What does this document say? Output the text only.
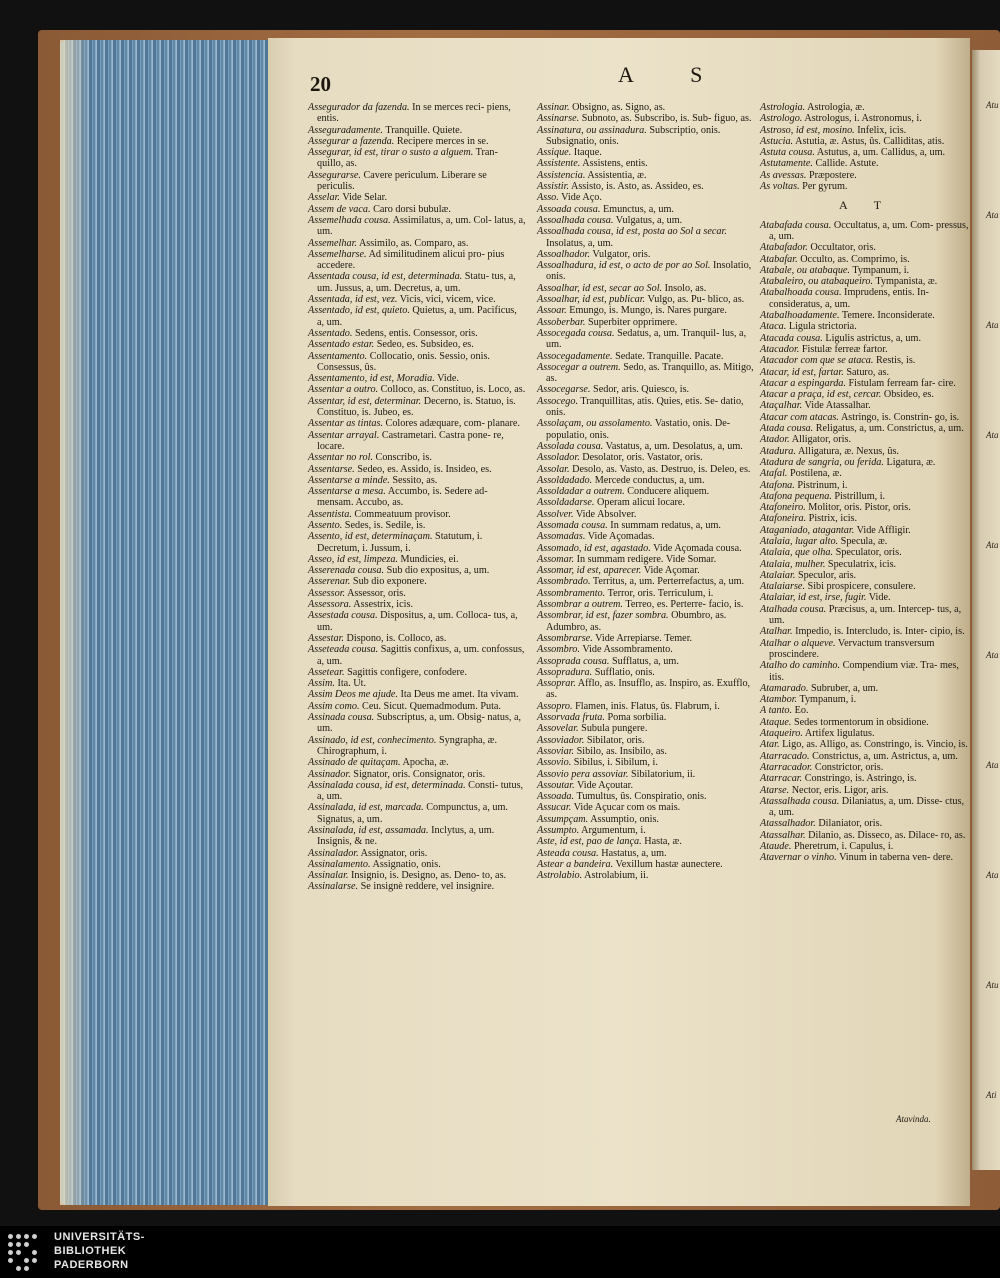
20	A S
Assegurador da fazenda. In se merces reci- piens, entis.
Asseguradamente. Tranquille. Quiete.
Assegurar a fazenda. Recipere merces in se.
Assegurar, id est, tirar o susto a alguem. Tran- quillo, as.
Assegurarse. Cavere periculum. Liberare se periculis.
Asselar. Vide Selar.
Assem de vaca. Caro dorsi bubulæ.
Assemelhada cousa. Assimilatus, a, um. Col- latus, a, um.
Assemelhar. Assimilo, as. Comparo, as.
Assemelharse. Ad similitudinem alicui pro- pius accedere.
Assentada cousa, id est, determinada. Statu- tus, a, um. Jussus, a, um. Decretus, a, um.
Assentada, id est, vez. Vicis, vici, vicem, vice.
Assentado, id est, quieto. Quietus, a, um. Pacificus, a, um.
Assentado. Sedens, entis. Consessor, oris.
Assentado estar. Sedeo, es. Subsideo, es.
Assentamento. Collocatio, onis. Sessio, onis. Consessus, ûs.
Assentamento, id est, Moradia. Vide.
Assentar a outro. Colloco, as. Constituo, is. Loco, as.
Assentar, id est, determinar. Decerno, is. Statuo, is. Constituo, is. Jubeo, es.
Assentar as tintas. Colores adæquare, com- planare.
Assentar arrayal. Castrametari. Castra pone- re, locare.
Assentar no rol. Conscribo, is.
Assentarse. Sedeo, es. Assido, is. Insideo, es.
Assentarse a minde. Sessito, as.
Assentarse a mesa. Accumbo, is. Sedere ad- mensam. Accubo, as.
Assentista. Commeatuum provisor.
Assento. Sedes, is. Sedile, is.
Assento, id est, determinaçam. Statutum, i. Decretum, i. Jussum, i.
Asseo, id est, limpeza. Mundicies, ei.
Asserenada cousa. Sub dio expositus, a, um.
Asserenar. Sub dio exponere.
Assessor. Assessor, oris.
Assessora. Assestrix, icis.
Assestada cousa. Dispositus, a, um. Colloca- tus, a, um.
Assestar. Dispono, is. Colloco, as.
Asseteada cousa. Sagittis confixus, a, um. confossus, a, um.
Assetear. Sagittis configere, confodere.
Assim. Ita. Ut.
Assim Deos me ajude. Ita Deus me amet. Ita vivam.
Assim como. Ceu. Sicut. Quemadmodum. Puta.
Assinada cousa. Subscriptus, a, um. Obsig- natus, a, um.
Assinado, id est, conhecimento. Syngrapha, æ. Chirographum, i.
Assinado de quitaçam. Apocha, æ.
Assinador. Signator, oris. Consignator, oris.
Assinalada cousa, id est, determinada. Consti- tutus, a, um.
Assinalada, id est, marcada. Compunctus, a, um. Signatus, a, um.
Assinalada, id est, assamada. Inclytus, a, um. Insignis, & ne.
Assinalador. Assignator, oris.
Assinalamento. Assignatio, onis.
Assinalar. Insignio, is. Designo, as. Deno- to, as.
Assinalarse. Se insignè reddere, vel insignire.
Assinar. Obsigno, as. Signo, as.
Assinarse. Subnoto, as. Subscribo, is. Sub- figuo, as.
Assinatura, ou assinadura. Subscriptio, onis. Subsignatio, onis.
Assique. Itaque.
Assistente. Assistens, entis.
Assistencia. Assistentia, æ.
Assistir. Assisto, is. Asto, as. Assideo, es.
Asso. Vide Aço.
Assoada cousa. Emunctus, a, um.
Assoalhada cousa. Vulgatus, a, um.
Assoalhada cousa, id est, posta ao Sol a secar. Insolatus, a, um.
Assoalhador. Vulgator, oris.
Assoalhadura, id est, o acto de por ao Sol. Insolatio, onis.
Assoalhar, id est, secar ao Sol. Insolo, as.
Assoalhar, id est, publicar. Vulgo, as. Pu- blico, as.
Assoar. Emungo, is. Mungo, is. Nares purgare.
Assoberbar. Superbiter opprimere.
Assocegada cousa. Sedatus, a, um. Tranquil- lus, a, um.
Assocegadamente. Sedate. Tranquille. Pacate.
Assocegar a outrem. Sedo, as. Tranquillo, as. Mitigo, as.
Assocegarse. Sedor, aris. Quiesco, is.
Assocego. Tranquillitas, atis. Quies, etis. Se- datio, onis.
Assolaçam, ou assolamento. Vastatio, onis. De- populatio, onis.
Assolada cousa. Vastatus, a, um. Desolatus, a, um.
Assolador. Desolator, oris. Vastator, oris.
Assolar. Desolo, as. Vasto, as. Destruo, is. Deleo, es.
Assoldadado. Mercede conductus, a, um.
Assoldadar a outrem. Conducere aliquem.
Assoldadarse. Operam alicui locare.
Assolver. Vide Absolver.
Assomada cousa. In summam redatus, a, um.
Assomadas. Vide Açomadas.
Assomado, id est, agastado. Vide Açomada cousa.
Assomar. In summam redigere. Vide Somar.
Assomar, id est, aparecer. Vide Açomar.
Assombrado. Territus, a, um. Perterrefactus, a, um.
Assombramento. Terror, oris. Terriculum, i.
Assombrar a outrem. Terreo, es. Perterre- facio, is.
Assombrar, id est, fazer sombra. Obumbro, as. Adumbro, as.
Assombrarse. Vide Arrepiarse. Temer.
Assombro. Vide Assombramento.
Assoprada cousa. Sufflatus, a, um.
Assopradura. Sufflatio, onis.
Assoprar. Afflo, as. Insufflo, as. Inspiro, as. Exufflo, as.
Assopro. Flamen, inis. Flatus, ûs. Flabrum, i.
Assorvada fruta. Poma sorbilia.
Assovelar. Subula pungere.
Assoviador. Sibilator, oris.
Assoviar. Sibilo, as. Insibilo, as.
Assovio. Sibilus, i. Sibilum, i.
Assovio pera assoviar. Sibilatorium, ii.
Assoutar. Vide Açoutar.
Assoada. Tumultus, ûs. Conspiratio, onis.
Assucar. Vide Açucar com os mais.
Assumpçam. Assumptio, onis.
Assumpto. Argumentum, i.
Aste, id est, pao de lança. Hasta, æ.
Asteada cousa. Hastatus, a, um.
Astear a bandeira. Vexillum hastæ aunectere.
Astrolabio. Astrolabium, ii.
Astrologia. Astrologia, æ.
Astrologo. Astrologus, i. Astronomus, i.
Astroso, id est, mosino. Infelix, icis.
Astucia. Astutia, æ. Astus, ûs. Calliditas, atis.
Astuta cousa. Astutus, a, um. Callidus, a, um.
Astutamente. Callide. Astute.
As avessas. Præpostere.
As voltas. Per gyrum.
A T
Atabafada cousa. Occultatus, a, um. Com- pressus, a, um.
Atabafador. Occultator, oris.
Atabafar. Occulto, as. Comprimo, is.
Atabale, ou atabaque. Tympanum, i.
Atabaleiro, ou atabaqueiro. Tympanista, æ.
Atabalhoada cousa. Imprudens, entis. In- consideratus, a, um.
Atabalhoadamente. Temere. Inconsiderate.
Ataca. Ligula strictoria.
Atacada cousa. Ligulis astrictus, a, um.
Atacador. Fistulæ ferreæ fartor.
Atacador com que se ataca. Restis, is.
Atacar, id est, fartar. Saturo, as.
Atacar a espingarda. Fistulam ferream far- cire.
Atacar a praça, id est, cercar. Obsideo, es.
Ataçalhar. Vide Atassalhar.
Atacar com atacas. Astringo, is. Constrin- go, is.
Atada cousa. Religatus, a, um. Constrictus, a, um.
Atador. Alligator, oris.
Atadura. Alligatura, æ. Nexus, ûs.
Atadura de sangria, ou ferida. Ligatura, æ.
Atafal. Postilena, æ.
Atafona. Pistrinum, i.
Atafona pequena. Pistrillum, i.
Atafoneiro. Molitor, oris. Pistor, oris.
Atafoneira. Pistrix, icis.
Ataganiado, atagantar. Vide Affligir.
Atalaia, lugar alto. Specula, æ.
Atalaia, que olha. Speculator, oris.
Atalaia, mulher. Speculatrix, icis.
Atalaiar. Speculor, aris.
Atalaiarse. Sibi prospicere, consulere.
Atalaiar, id est, irse, fugir. Vide.
Atalhada cousa. Præcisus, a, um. Intercep- tus, a, um.
Atalhar. Impedio, is. Intercludo, is. Inter- cipio, is.
Atalhar o alqueve. Vervactum transversum proscindere.
Atalho do caminho. Compendium viæ. Tra- mes, itis.
Atamarado. Subruber, a, um.
Atambor. Tympanum, i.
A tanto. Eo.
Ataque. Sedes tormentorum in obsidione.
Ataqueiro. Artifex ligulatus.
Atar. Ligo, as. Alligo, as. Constringo, is. Vincio, is.
Atarracado. Constrictus, a, um. Astrictus, a, um.
Atarracador. Constrictor, oris.
Atarracar. Constringo, is. Astringo, is.
Atarse. Nector, eris. Ligor, aris.
Atassalhada cousa. Dilaniatus, a, um. Disse- ctus, a, um.
Atassalhador. Dilaniator, oris.
Atassalhar. Dilanio, as. Disseco, as. Dilace- ro, as.
Ataude. Pheretrum, i. Capulus, i.
Atavernar o vinho. Vinum in taberna ven- dere.
Atavinda.
Atu
Ata
Ata
Ata
Ata
Ata
Ata
Ata
Atu
Ati
UNIVERSITÄTS-
BIBLIOTHEK
PADERBORN
